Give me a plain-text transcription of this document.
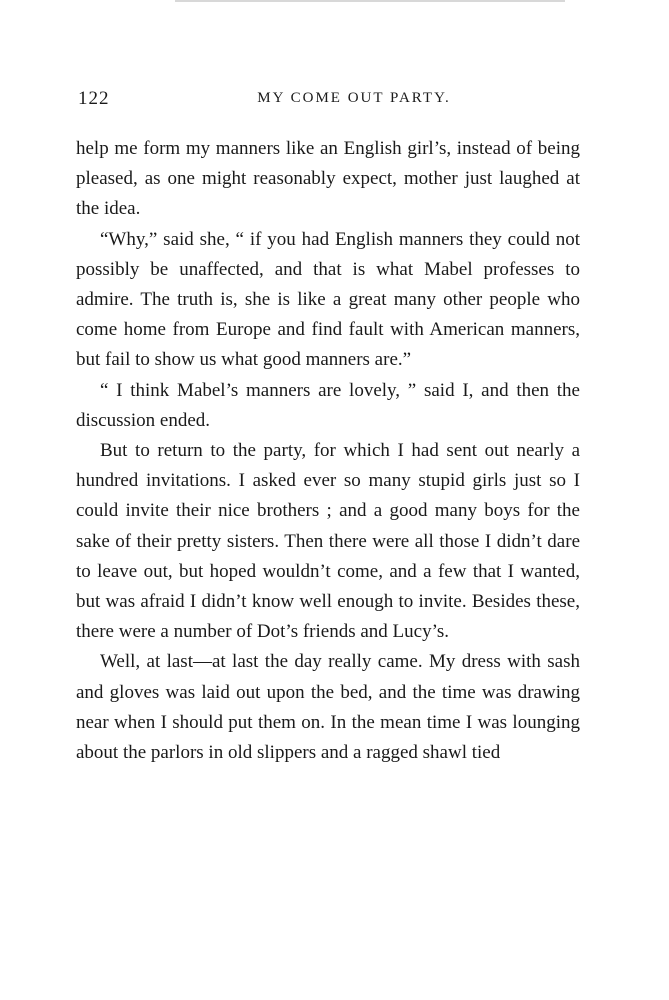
122	MY COME OUT PARTY.

help me form my manners like an English girl’s, instead of being pleased, as one might reasonably expect, mother just laughed at the idea.

“Why,” said she, “ if you had English manners they could not possibly be unaffected, and that is what Mabel professes to admire. The truth is, she is like a great many other people who come home from Europe and find fault with American manners, but fail to show us what good manners are.”

“ I think Mabel’s manners are lovely, ” said I, and then the discussion ended.

But to return to the party, for which I had sent out nearly a hundred invitations. I asked ever so many stupid girls just so I could invite their nice brothers ; and a good many boys for the sake of their pretty sisters. Then there were all those I didn’t dare to leave out, but hoped wouldn’t come, and a few that I wanted, but was afraid I didn’t know well enough to invite. Besides these, there were a number of Dot’s friends and Lucy’s.

Well, at last—at last the day really came. My dress with sash and gloves was laid out upon the bed, and the time was drawing near when I should put them on. In the mean time I was lounging about the parlors in old slippers and a ragged shawl tied
